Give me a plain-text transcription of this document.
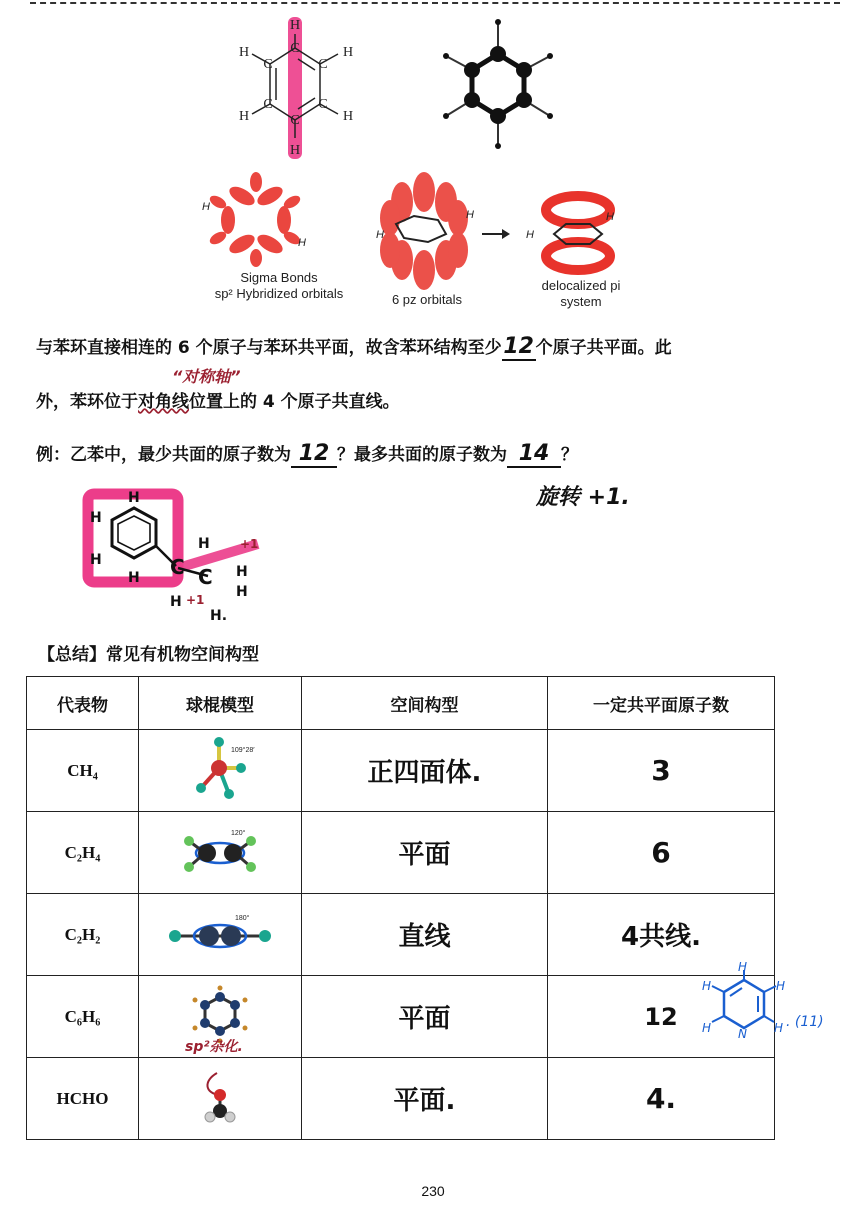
H
C
C	C
C	C
C
H
H	H
H	H
H
H
H
H
H
H
Sigma Bonds
sp² Hybridized orbitals	6 pz orbitals
delocalized pi
system
与苯环直接相连的 6 个原子与苯环共平面，故含苯环结构至少12个原子共平面。此
“对称轴”
外，苯环位于对角线位置上的 4 个原子共直线。
例：乙苯中，最少共面的原子数为 12 ？最多共面的原子数为 14 ？
旋转 +1.
H
H
H
H C C
H
H
H
H
H.
+1
+1
【总结】常见有机物空间构型
代表物	球棍模型	空间构型	一定共平面原子数
CH₄	109°28′	正四面体.	3
C₂H₄	120°	平面	6
C₂H₂	180°	直线	4共线.
C₆H₆	sp²杂化.	平面	12
HCHO		平面.	4.
H
H	H
H	H
N
. (11)
230
